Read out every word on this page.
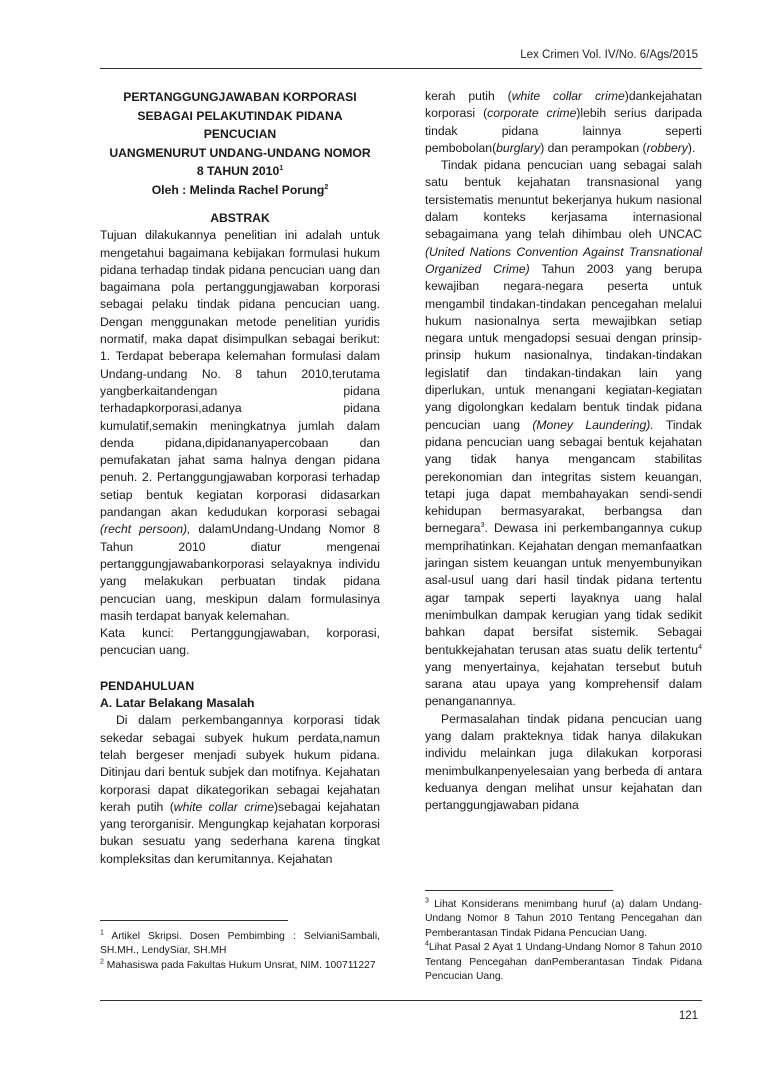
Lex Crimen Vol. IV/No. 6/Ags/2015

PERTANGGUNGJAWABAN KORPORASI
SEBAGAI PELAKUTINDAK PIDANA PENCUCIAN
UANGMENURUT UNDANG-UNDANG NOMOR
8 TAHUN 2010$^1$
Oleh : Melinda Rachel Porung$^2$

ABSTRAK

Tujuan dilakukannya penelitian ini adalah untuk mengetahui bagaimana kebijakan formulasi hukum pidana terhadap tindak pidana pencucian uang dan bagaimana pola pertanggungjawaban korporasi sebagai pelaku tindak pidana pencucian uang. Dengan menggunakan metode penelitian yuridis normatif, maka dapat disimpulkan sebagai berikut: 1. Terdapat beberapa kelemahan formulasi dalam Undang-undang No. 8 tahun 2010,terutama yangberkaitandengan pidana terhadapkorporasi,adanya pidana kumulatif,semakin meningkatnya jumlah dalam denda pidana,dipidananyapercobaan dan pemufakatan jahat sama halnya dengan pidana penuh. 2. Pertanggungjawaban korporasi terhadap setiap bentuk kegiatan korporasi didasarkan pandangan akan kedudukan korporasi sebagai (recht persoon), dalamUndang-Undang Nomor 8 Tahun 2010 diatur mengenai pertanggungjawabankorporasi selayaknya individu yang melakukan perbuatan tindak pidana pencucian uang, meskipun dalam formulasinya masih terdapat banyak kelemahan.

Kata kunci: Pertanggungjawaban, korporasi, pencucian uang.

PENDAHULUAN

A. Latar Belakang Masalah

Di dalam perkembangannya korporasi tidak sekedar sebagai subyek hukum perdata,namun telah bergeser menjadi subyek hukum pidana. Ditinjau dari bentuk subjek dan motifnya. Kejahatan korporasi dapat dikategorikan sebagai kejahatan kerah putih (white collar crime)sebagai kejahatan yang terorganisir. Mengungkap kejahatan korporasi bukan sesuatu yang sederhana karena tingkat kompleksitas dan kerumitannya. Kejahatan

kerah putih (white collar crime)dankejahatan korporasi (corporate crime)lebih serius daripada tindak pidana lainnya seperti pembobolan(burglary) dan perampokan (robbery).

Tindak pidana pencucian uang sebagai salah satu bentuk kejahatan transnasional yang tersistematis menuntut bekerjanya hukum nasional dalam konteks kerjasama internasional sebagaimana yang telah dihimbau oleh UNCAC (United Nations Convention Against Transnational Organized Crime) Tahun 2003 yang berupa kewajiban negara-negara peserta untuk mengambil tindakan-tindakan pencegahan melalui hukum nasionalnya serta mewajibkan setiap negara untuk mengadopsi sesuai dengan prinsip-prinsip hukum nasionalnya, tindakan-tindakan legislatif dan tindakan-tindakan lain yang diperlukan, untuk menangani kegiatan-kegiatan yang digolongkan kedalam bentuk tindak pidana pencucian uang (Money Laundering). Tindak pidana pencucian uang sebagai bentuk kejahatan yang tidak hanya mengancam stabilitas perekonomian dan integritas sistem keuangan, tetapi juga dapat membahayakan sendi-sendi kehidupan bermasyarakat, berbangsa dan bernegara$^3$. Dewasa ini perkembangannya cukup memprihatinkan. Kejahatan dengan memanfaatkan jaringan sistem keuangan untuk menyembunyikan asal-usul uang dari hasil tindak pidana tertentu agar tampak seperti layaknya uang halal menimbulkan dampak kerugian yang tidak sedikit bahkan dapat bersifat sistemik. Sebagai bentukkejahatan terusan atas suatu delik tertentu$^4$ yang menyertainya, kejahatan tersebut butuh sarana atau upaya yang komprehensif dalam penanganannya.

Permasalahan tindak pidana pencucian uang yang dalam prakteknya tidak hanya dilakukan individu melainkan juga dilakukan korporasi menimbulkanpenyelesaian yang berbeda di antara keduanya dengan melihat unsur kejahatan dan pertanggungjawaban pidana

$^1$ Artikel Skripsi. Dosen Pembimbing : SelvianiSambali, SH.MH., LendySiar, SH.MH

$^2$ Mahasiswa pada Fakultas Hukum Unsrat, NIM. 100711227

$^3$ Lihat Konsiderans menimbang huruf (a) dalam Undang-Undang Nomor 8 Tahun 2010 Tentang Pencegahan dan Pemberantasan Tindak Pidana Pencucian Uang.

$^4$Lihat Pasal 2 Ayat 1 Undang-Undang Nomor 8 Tahun 2010 Tentang Pencegahan danPemberantasan Tindak Pidana Pencucian Uang.

121
